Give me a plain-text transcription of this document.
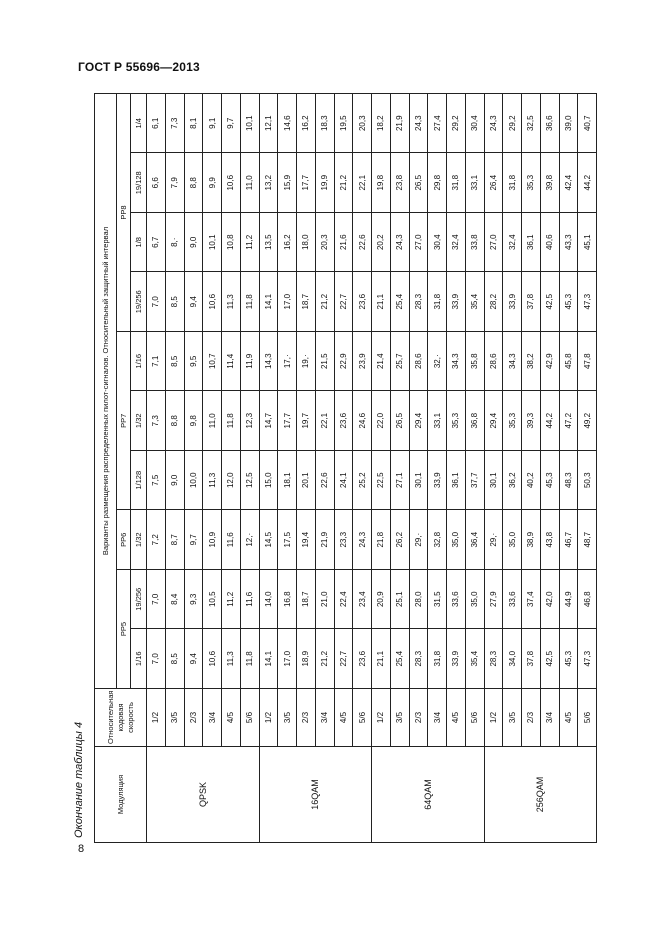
ГОСТ Р 55696—2013
Окончание таблицы 4
8
Модуляция	Относительная кодовая скорость	Варианты размещения распределенных пилот-сигналов. Относительный защитный интервал									
		PP5		PP6	PP7			PP8			
		1/16	19/256	1/32	1/128	1/32	1/16	19/256	1/8	19/128	1/4
QPSK	1/2	7,0	7,0	7,2	7,5	7,3	7,1	7,0	6,7	6,6	6,1
	3/5	8,5	8,4	8,7	9,0	8,8	8,5	8,5	8,·	7,9	7,3
	2/3	9,4	9,3	9,7	10,0	9,8	9,5	9,4	9,0	8,8	8,1
	3/4	10,6	10,5	10,9	11,3	11,0	10,7	10,6	10,1	9,9	9,1
	4/5	11,3	11,2	11,6	12,0	11,8	11,4	11,3	10,8	10,6	9,7
	5/6	11,8	11,6	12,·	12,5	12,3	11,9	11,8	11,2	11,0	10,1
16QAM	1/2	14,1	14,0	14,5	15,0	14,7	14,3	14,1	13,5	13,2	12,1
	3/5	17,0	16,8	17,5	18,1	17,7	17,·	17,0	16,2	15,9	14,6
	2/3	18,9	18,7	19,4	20,1	19,7	19,·	18,7	18,0	17,7	16,2
	3/4	21,2	21,0	21,9	22,6	22,1	21,5	21,2	20,3	19,9	18,3
	4/5	22,7	22,4	23,3	24,1	23,6	22,9	22,7	21,6	21,2	19,5
	5/6	23,6	23,4	24,3	25,2	24,6	23,9	23,6	22,6	22,1	20,3
64QAM	1/2	21,1	20,9	21,8	22,5	22,0	21,4	21,1	20,2	19,8	18,2
	3/5	25,4	25,1	26,2	27,1	26,5	25,7	25,4	24,3	23,8	21,9
	2/3	28,3	28,0	29,·	30,1	29,4	28,6	28,3	27,0	26,5	24,3
	3/4	31,8	31,5	32,8	33,9	33,1	32,·	31,8	30,4	29,8	27,4
	4/5	33,9	33,6	35,0	36,1	35,3	34,3	33,9	32,4	31,8	29,2
	5/6	35,4	35,0	36,4	37,7	36,8	35,8	35,4	33,8	33,1	30,4
256QAM	1/2	28,3	27,9	29,·	30,1	29,4	28,6	28,2	27,0	26,4	24,3
	3/5	34,0	33,6	35,0	36,2	35,3	34,3	33,9	32,4	31,8	29,2
	2/3	37,8	37,4	38,9	40,2	39,3	38,2	37,8	36,1	35,3	32,5
	3/4	42,5	42,0	43,8	45,3	44,2	42,9	42,5	40,6	39,8	36,6
	4/5	45,3	44,9	46,7	48,3	47,2	45,8	45,3	43,3	42,4	39,0
	5/6	47,3	46,8	48,7	50,3	49,2	47,8	47,3	45,1	44,2	40,7
